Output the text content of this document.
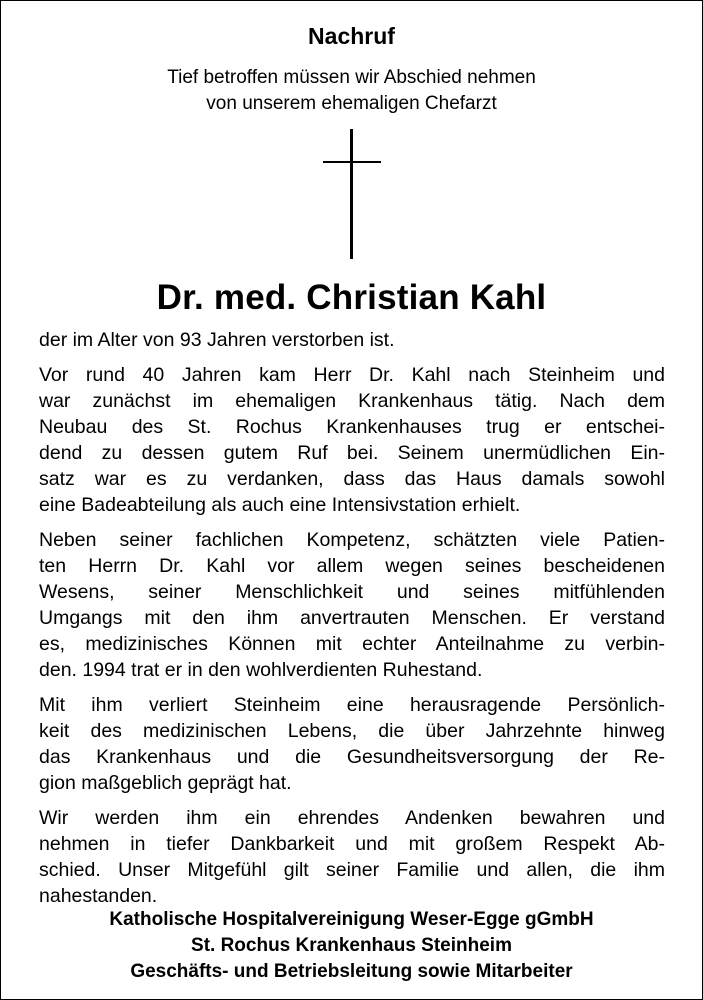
Nachruf
Tief betroffen müssen wir Abschied nehmen
von unserem ehemaligen Chefarzt
Dr. med. Christian Kahl
der im Alter von 93 Jahren verstorben ist.
Vor rund 40 Jahren kam Herr Dr. Kahl nach Steinheim und
war zunächst im ehemaligen Krankenhaus tätig. Nach dem
Neubau des St. Rochus Krankenhauses trug er entschei-
dend zu dessen gutem Ruf bei. Seinem unermüdlichen Ein-
satz war es zu verdanken, dass das Haus damals sowohl
eine Badeabteilung als auch eine Intensivstation erhielt.
Neben seiner fachlichen Kompetenz, schätzten viele Patien-
ten Herrn Dr. Kahl vor allem wegen seines bescheidenen
Wesens, seiner Menschlichkeit und seines mitfühlenden
Umgangs mit den ihm anvertrauten Menschen. Er verstand
es, medizinisches Können mit echter Anteilnahme zu verbin-
den. 1994 trat er in den wohlverdienten Ruhestand.
Mit ihm verliert Steinheim eine herausragende Persönlich-
keit des medizinischen Lebens, die über Jahrzehnte hinweg
das Krankenhaus und die Gesundheitsversorgung der Re-
gion maßgeblich geprägt hat.
Wir werden ihm ein ehrendes Andenken bewahren und
nehmen in tiefer Dankbarkeit und mit großem Respekt Ab-
schied. Unser Mitgefühl gilt seiner Familie und allen, die ihm
nahestanden.
Katholische Hospitalvereinigung Weser-Egge gGmbH
St. Rochus Krankenhaus Steinheim
Geschäfts- und Betriebsleitung sowie Mitarbeiter
